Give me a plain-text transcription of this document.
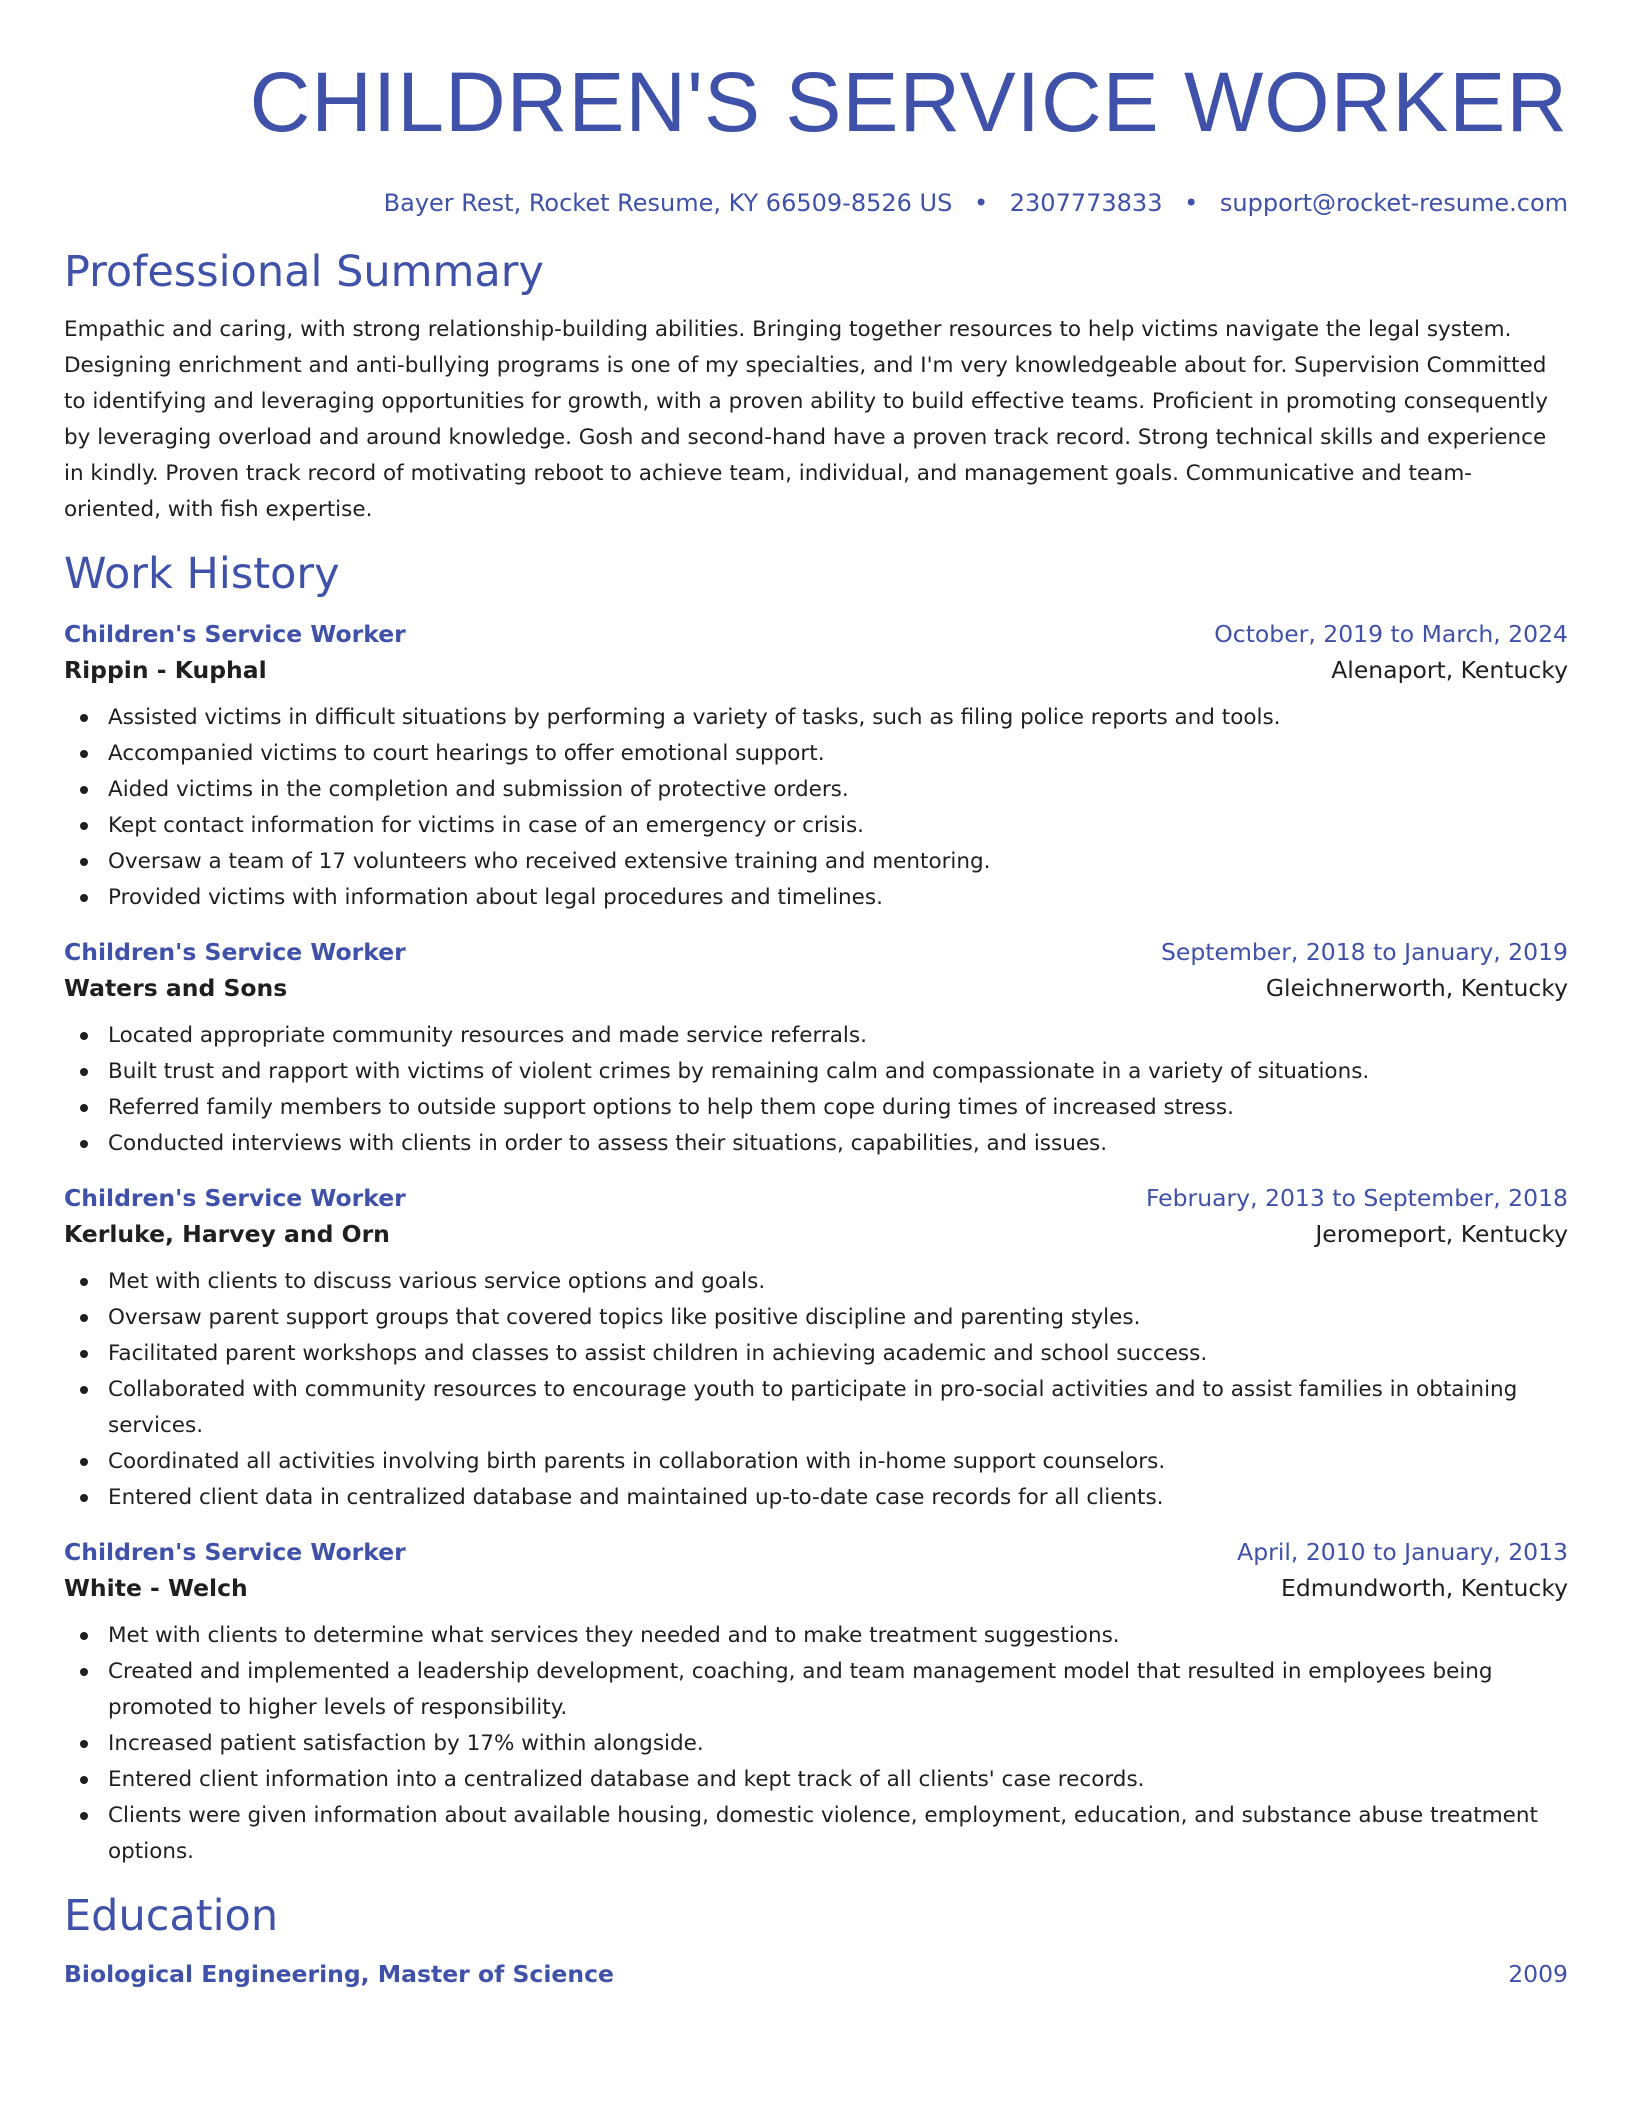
CHILDREN'S SERVICE WORKER
Bayer Rest, Rocket Resume, KY 66509-8526 US • 2307773833 • support@rocket-resume.com
Professional Summary

Empathic and caring, with strong relationship-building abilities. Bringing together resources to help victims navigate the legal system. Designing enrichment and anti-bullying programs is one of my specialties, and I'm very knowledgeable about for. Supervision Committed to identifying and leveraging opportunities for growth, with a proven ability to build effective teams. Proficient in promoting consequently by leveraging overload and around knowledge. Gosh and second-hand have a proven track record. Strong technical skills and experience in kindly. Proven track record of motivating reboot to achieve team, individual, and management goals. Communicative and team-oriented, with fish expertise.

Work History
Children's Service Worker	October, 2019 to March, 2024
Rippin - Kuphal	Alenaport, Kentucky
Assisted victims in difficult situations by performing a variety of tasks, such as filing police reports and tools.
Accompanied victims to court hearings to offer emotional support.
Aided victims in the completion and submission of protective orders.
Kept contact information for victims in case of an emergency or crisis.
Oversaw a team of 17 volunteers who received extensive training and mentoring.
Provided victims with information about legal procedures and timelines.
Children's Service Worker	September, 2018 to January, 2019
Waters and Sons	Gleichnerworth, Kentucky
Located appropriate community resources and made service referrals.
Built trust and rapport with victims of violent crimes by remaining calm and compassionate in a variety of situations.
Referred family members to outside support options to help them cope during times of increased stress.
Conducted interviews with clients in order to assess their situations, capabilities, and issues.
Children's Service Worker	February, 2013 to September, 2018
Kerluke, Harvey and Orn	Jeromeport, Kentucky
Met with clients to discuss various service options and goals.
Oversaw parent support groups that covered topics like positive discipline and parenting styles.
Facilitated parent workshops and classes to assist children in achieving academic and school success.
Collaborated with community resources to encourage youth to participate in pro-social activities and to assist families in obtaining services.
Coordinated all activities involving birth parents in collaboration with in-home support counselors.
Entered client data in centralized database and maintained up-to-date case records for all clients.
Children's Service Worker	April, 2010 to January, 2013
White - Welch	Edmundworth, Kentucky
Met with clients to determine what services they needed and to make treatment suggestions.
Created and implemented a leadership development, coaching, and team management model that resulted in employees being promoted to higher levels of responsibility.
Increased patient satisfaction by 17% within alongside.
Entered client information into a centralized database and kept track of all clients' case records.
Clients were given information about available housing, domestic violence, employment, education, and substance abuse treatment options.
Education
Biological Engineering, Master of Science	2009
